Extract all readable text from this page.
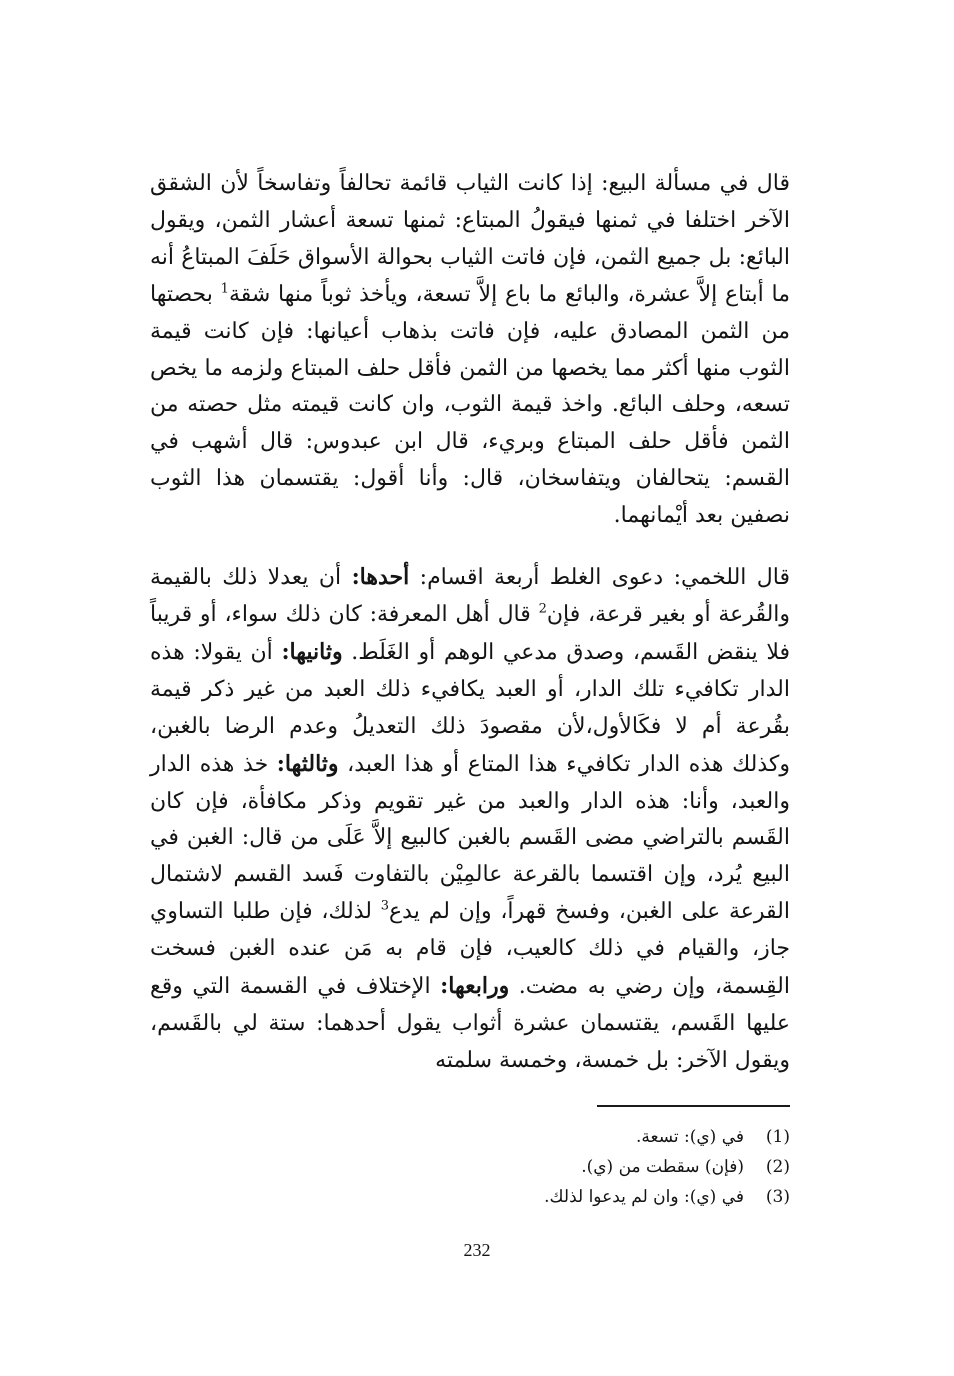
قال في مسألة البيع: إذا كانت الثياب قائمة تحالفاً وتفاسخاً لأن الشقق الآخر اختلفا في ثمنها فيقولُ المبتاع: ثمنها تسعة أعشار الثمن، ويقول البائع: بل جميع الثمن، فإن فاتت الثياب بحوالة الأسواق حَلَفَ المبتاعُ أنه ما أبتاع إلاَّ عشرة، والبائع ما باع إلاَّ تسعة، ويأخذ ثوباً منها شقة$^1$ بحصتها من الثمن المصادق عليه، فإن فاتت بذهاب أعيانها: فإن كانت قيمة الثوب منها أكثر مما يخصها من الثمن فأقل حلف المبتاع ولزمه ما يخص تسعه، وحلف البائع. واخذ قيمة الثوب، وان كانت قيمته مثل حصته من الثمن فأقل حلف المبتاع وبريء، قال ابن عبدوس: قال أشهب في القسم: يتحالفان ويتفاسخان، قال: وأنا أقول: يقتسمان هذا الثوب نصفين بعد أيْمانهما.

قال اللخمي: دعوى الغلط أربعة اقسام: أحدها: أن يعدلا ذلك بالقيمة والقُرعة أو بغير قرعة، فإن$^2$ قال أهل المعرفة: كان ذلك سواء، أو قريباً فلا ينقض القَسم، وصدق مدعي الوهم أو الغَلَط. وثانيها: أن يقولا: هذه الدار تكافيء تلك الدار، أو العبد يكافيء ذلك العبد من غير ذكر قيمة بقُرعة أم لا فكَالأول،لأن مقصودَ ذلك التعديلُ وعدم الرضا بالغبن، وكذلك هذه الدار تكافيء هذا المتاع أو هذا العبد، وثالثها: خذ هذه الدار والعبد، وأنا: هذه الدار والعبد من غير تقويم وذكر مكافأة، فإن كان القَسم بالتراضي مضى القَسم بالغبن كالبيع إلاَّ عَلَى من قال: الغبن في البيع يُرد، وإن اقتسما بالقرعة عالمِيْن بالتفاوت فَسد القسم لاشتمال القرعة على الغبن، وفسخ قهراً، وإن لم يدع$^3$ لذلك، فإن طلبا التساوي جاز، والقيام في ذلك كالعيب، فإن قام به مَن عنده الغبن فسخت القِسمة، وإن رضي به مضت. ورابعها: الإختلاف في القسمة التي وقع عليها القَسم، يقتسمان عشرة أثواب يقول أحدهما: ستة لي بالقَسم، ويقول الآخر: بل خمسة، وخمسة سلمته

(1)
في (ي): تسعة.
(2)
(فإن) سقطت من (ي).
(3)
في (ي): وان لم يدعوا لذلك.
232
